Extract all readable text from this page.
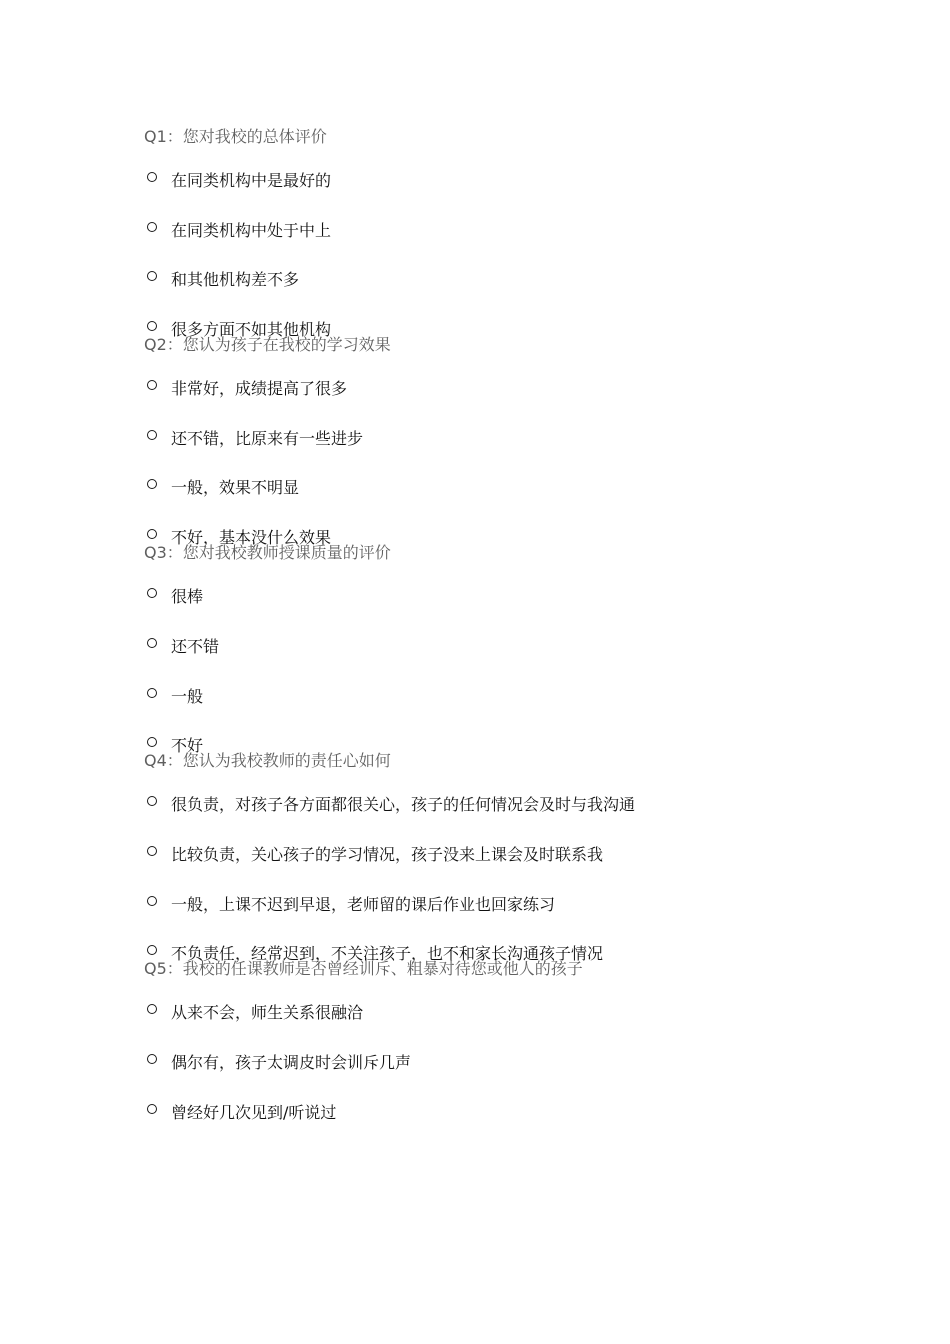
Q1：您对我校的总体评价
在同类机构中是最好的
在同类机构中处于中上
和其他机构差不多
很多方面不如其他机构
Q2：您认为孩子在我校的学习效果
非常好，成绩提高了很多
还不错，比原来有一些进步
一般，效果不明显
不好，基本没什么效果
Q3：您对我校教师授课质量的评价
很棒
还不错
一般
不好
Q4：您认为我校教师的责任心如何
很负责，对孩子各方面都很关心，孩子的任何情况会及时与我沟通
比较负责，关心孩子的学习情况，孩子没来上课会及时联系我
一般，上课不迟到早退，老师留的课后作业也回家练习
不负责任，经常迟到，不关注孩子，也不和家长沟通孩子情况
Q5：我校的任课教师是否曾经训斥、粗暴对待您或他人的孩子
从来不会，师生关系很融洽
偶尔有，孩子太调皮时会训斥几声
曾经好几次见到/听说过
